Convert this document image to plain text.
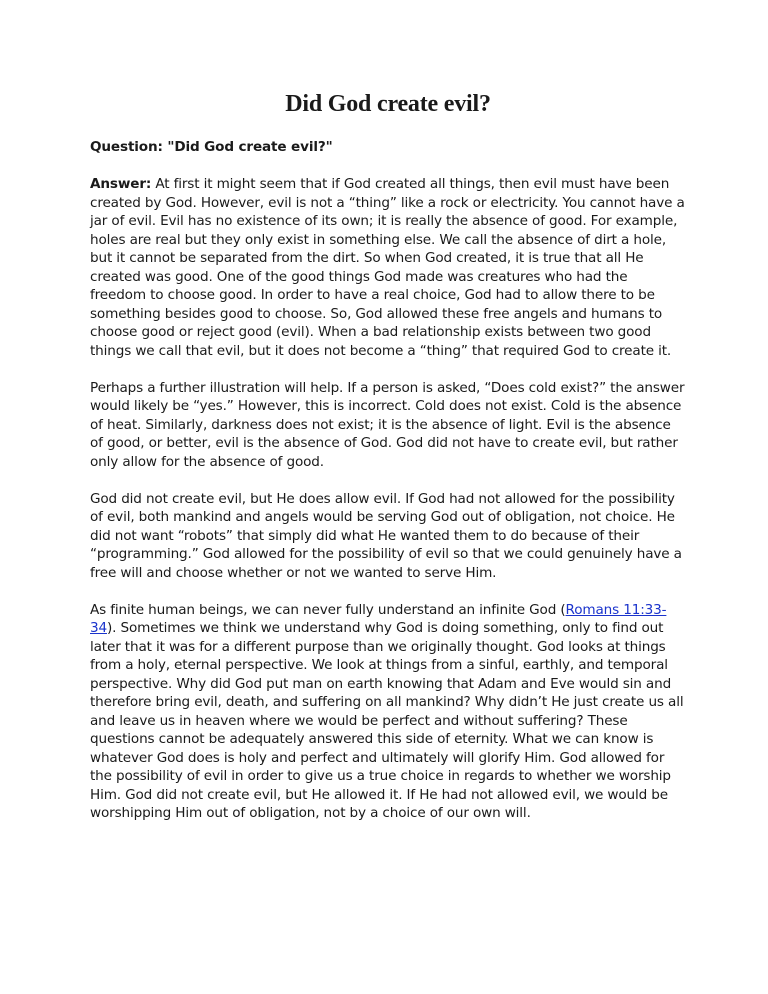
Did God create evil?

Question: "Did God create evil?"

Answer: At first it might seem that if God created all things, then evil must have been created by God. However, evil is not a “thing” like a rock or electricity. You cannot have a jar of evil. Evil has no existence of its own; it is really the absence of good. For example, holes are real but they only exist in something else. We call the absence of dirt a hole, but it cannot be separated from the dirt. So when God created, it is true that all He created was good. One of the good things God made was creatures who had the freedom to choose good. In order to have a real choice, God had to allow there to be something besides good to choose. So, God allowed these free angels and humans to choose good or reject good (evil). When a bad relationship exists between two good things we call that evil, but it does not become a “thing” that required God to create it.

Perhaps a further illustration will help. If a person is asked, “Does cold exist?” the answer would likely be “yes.” However, this is incorrect. Cold does not exist. Cold is the absence of heat. Similarly, darkness does not exist; it is the absence of light. Evil is the absence of good, or better, evil is the absence of God. God did not have to create evil, but rather only allow for the absence of good.

God did not create evil, but He does allow evil. If God had not allowed for the possibility of evil, both mankind and angels would be serving God out of obligation, not choice. He did not want “robots” that simply did what He wanted them to do because of their “programming.” God allowed for the possibility of evil so that we could genuinely have a free will and choose whether or not we wanted to serve Him.

As finite human beings, we can never fully understand an infinite God (Romans 11:33-34). Sometimes we think we understand why God is doing something, only to find out later that it was for a different purpose than we originally thought. God looks at things from a holy, eternal perspective. We look at things from a sinful, earthly, and temporal perspective. Why did God put man on earth knowing that Adam and Eve would sin and therefore bring evil, death, and suffering on all mankind? Why didn’t He just create us all and leave us in heaven where we would be perfect and without suffering? These questions cannot be adequately answered this side of eternity. What we can know is whatever God does is holy and perfect and ultimately will glorify Him. God allowed for the possibility of evil in order to give us a true choice in regards to whether we worship Him. God did not create evil, but He allowed it. If He had not allowed evil, we would be worshipping Him out of obligation, not by a choice of our own will.
